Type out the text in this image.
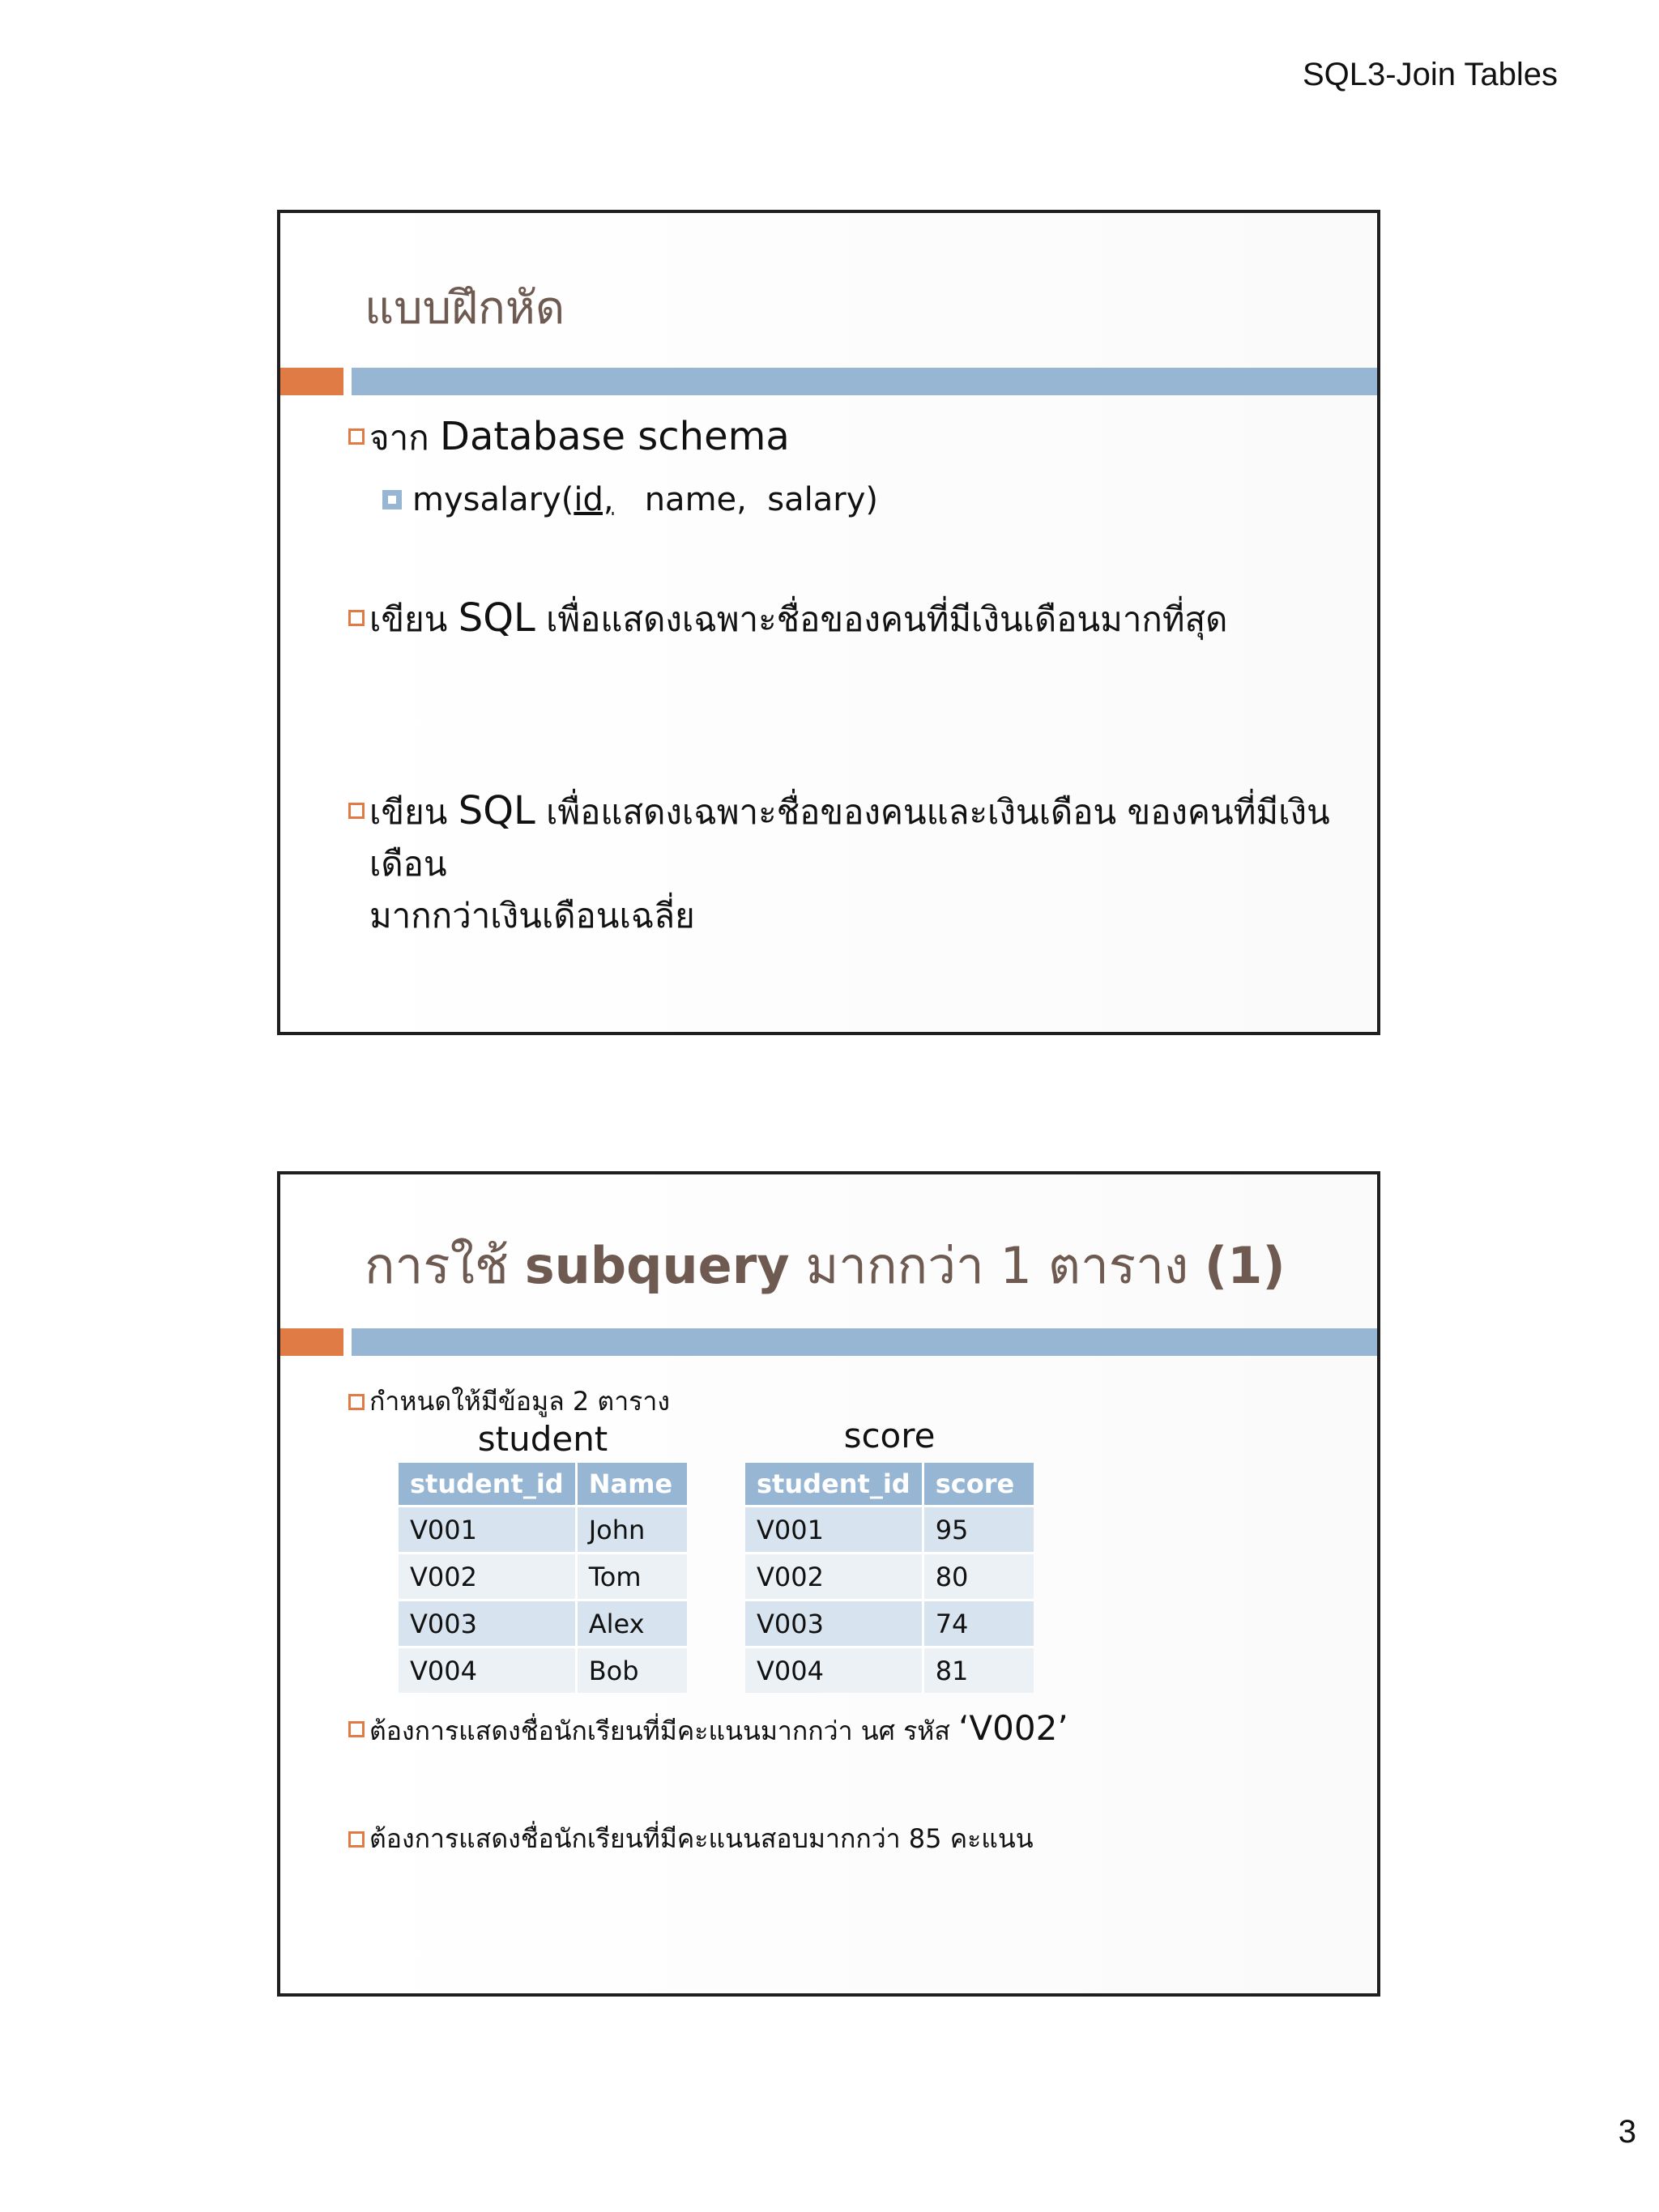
SQL3-Join Tables
แบบฝึกหัด
จาก Database schema
mysalary(id,   name,  salary)
เขียน SQL เพื่อแสดงเฉพาะชื่อของคนที่มีเงินเดือนมากที่สุด
เขียน SQL เพื่อแสดงเฉพาะชื่อของคนและเงินเดือน ของคนที่มีเงินเดือน
มากกว่าเงินเดือนเฉลี่ย
การใช้ subquery มากกว่า 1 ตาราง (1)
กำหนดให้มีข้อมูล 2 ตาราง
student
student_id	Name
V001	John
V002	Tom
V003	Alex
V004	Bob
score
student_id	score
V001	95
V002	80
V003	74
V004	81
ต้องการแสดงชื่อนักเรียนที่มีคะแนนมากกว่า นศ รหัส ‘V002’
ต้องการแสดงชื่อนักเรียนที่มีคะแนนสอบมากกว่า 85 คะแนน
3
